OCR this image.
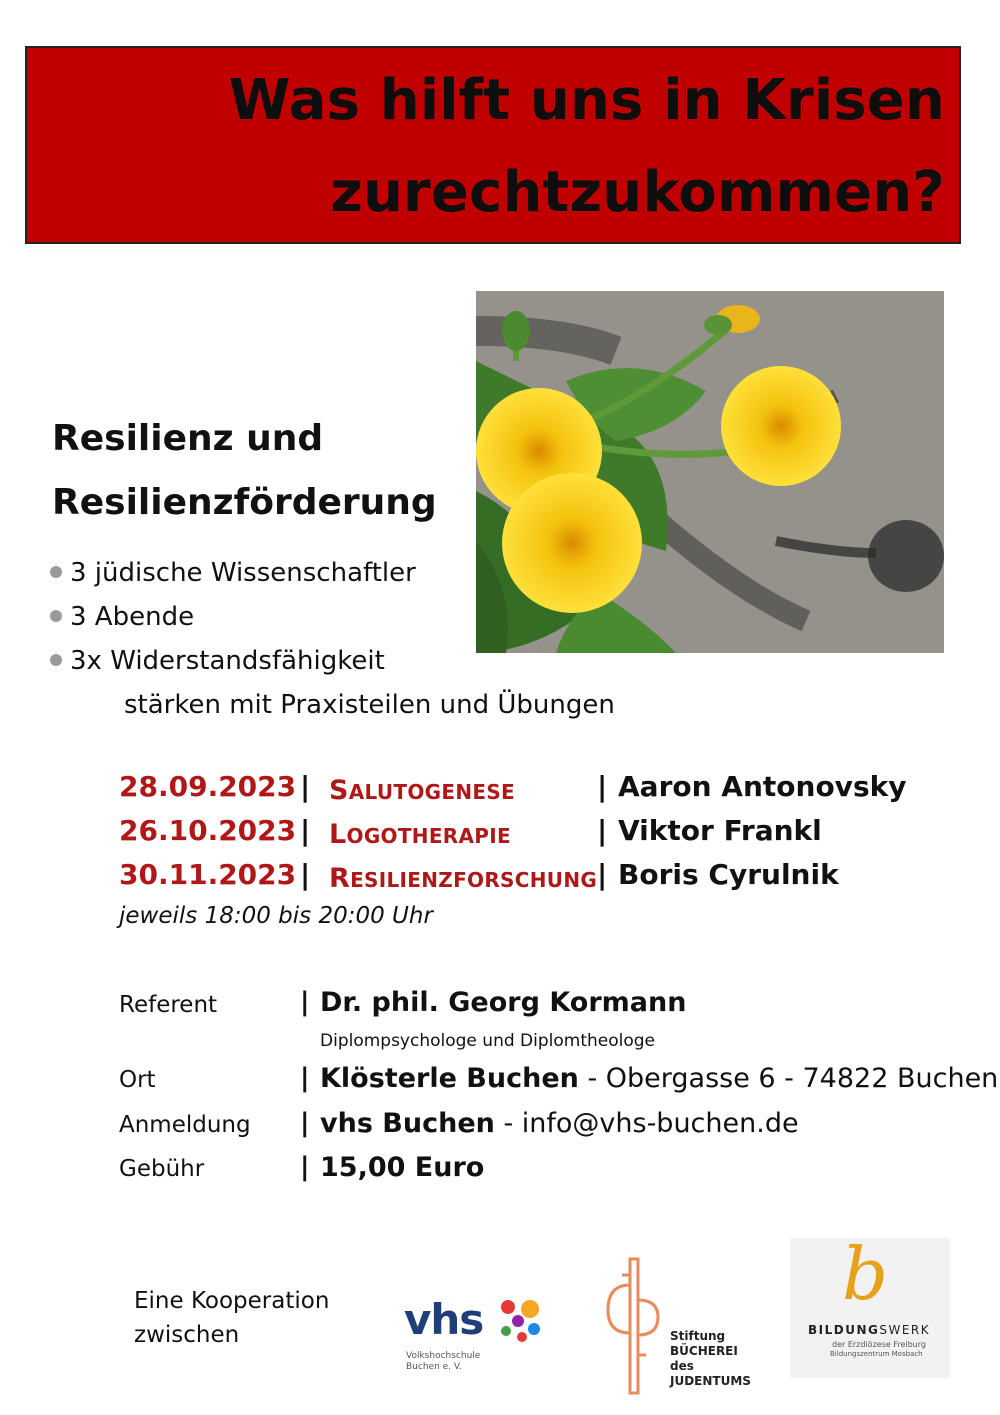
Was hilft uns in Krisen
zurechtzukommen?
Resilienz und
Resilienzförderung
3 jüdische Wissenschaftler
3 Abende
3x Widerstandsfähigkeit
stärken mit Praxisteilen und Übungen
28.09.2023 | SALUTOGENESE	| Aaron Antonovsky
26.10.2023 | LOGOTHERAPIE	| Viktor Frankl
30.11.2023 | RESILIENZFORSCHUNG | Boris Cyrulnik
jeweils 18:00 bis 20:00 Uhr
Referent	| Dr. phil. Georg Kormann
Diplompsychologe und Diplomtheologe
Ort	| Klösterle Buchen - Obergasse 6 - 74822 Buchen
Anmeldung | vhs Buchen - info@vhs-buchen.de
Gebühr	| 15,00 Euro
Eine Kooperation
zwischen	vhs
Volkshochschule
Buchen e. V.
Stiftung
BÜCHEREI
des
JUDENTUMS
b
BILDUNGSWERK
der Erzdiözese Freiburg
Bildungszentrum Mosbach
